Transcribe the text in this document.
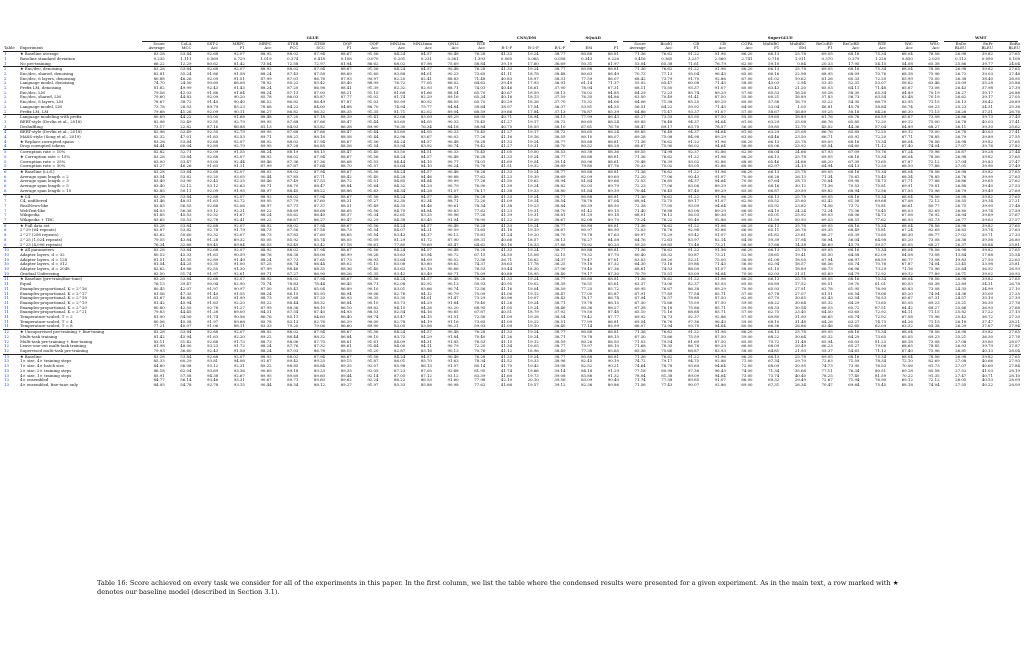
		GLUE													CNN/DM			SQuAD		SuperGLUE												WMT		

		Score	CoLA	SST-2	MRPC	MRPC	STSB	STSB	QQP	QQP	MNLIm	MNLImm	QNLI	RTE						Score	BoolQ	CB	CB	COPA	MultiRC	MultiRC	ReCoRD	ReCoRD	RTE	WiC	WSC	EnDe	EnFr	EnRo
Table	Experiment	Average	MCC	Acc	F1	Acc	PCC	SCC	F1	Acc	Acc	Acc	Acc	Acc	R-1-F	R-2-F	R-L-F	EM	F1	Average	Acc	F1	Acc	Acc	F1	EM	F1	Acc	Acc	Acc	Acc	BLEU	BLEU	BLEU
1	★ Baseline average	83.28	53.84	92.68	92.07	88.92	88.02	87.94	88.67	91.56	84.24	84.57	90.48	76.28	41.33	19.24	38.77	80.88	88.81	71.36	76.62	91.22	91.96	66.20	66.13	25.78	69.05	68.16	75.34	68.04	78.56	26.98	39.82	27.65
1	Baseline standard deviation	0.235	1.111	0.569	0.729	1.019	0.374	0.418	0.108	0.070	0.291	0.231	0.361	1.393	0.065	0.065	0.058	0.343	0.226	0.416	0.365	3.237	2.560	2.741	0.716	1.011	0.370	0.379	1.228	0.850	2.029	0.112	0.090	0.108
1	No pre-training	66.22	12.29	80.62	81.42	73.04	72.58	72.97	81.94	86.62	68.02	67.98	75.69	58.84	39.19	17.60	36.69	50.31	61.97	53.04	65.38	71.61	76.79	62.00	59.10	0.84	20.33	17.95	54.15	54.08	65.38	25.86	39.77	24.04
2	★ Enc/dec, denoising	83.28	53.84	92.68	92.07	88.92	88.02	87.94	88.67	91.56	84.24	84.57	90.48	76.28	41.33	19.24	38.77	80.88	88.81	71.36	76.62	91.22	91.96	66.20	66.13	25.78	69.05	68.16	75.34	68.04	78.56	26.98	39.82	27.65
2	Enc/dec, shared, denoising	82.81	55.24	91.86	91.58	88.24	87.43	87.58	88.69	91.60	83.88	84.01	90.23	73.65	41.11	18.78	38.48	80.63	88.49	70.73	77.13	95.04	96.43	65.00	66.16	22.98	68.95	68.09	70.76	68.18	75.96	26.72	39.03	27.46
2	Enc/dec, 6 layers, denoising	80.88	46.26	92.09	91.51	87.99	87.01	86.76	87.93	90.97	82.20	82.41	88.83	71.48	40.83	18.97	38.31	77.59	86.07	68.42	73.79	91.70	92.86	67.00	61.02	19.62	61.26	60.33	72.20	65.99	75.00	26.38	38.40	26.95
2	Language model, denoising	74.70	24.50	90.60	86.08	78.92	85.22	85.42	85.40	88.99	76.72	77.05	86.02	64.62	39.49	17.93	36.91	61.14	71.37	55.02	65.47	60.08	71.43	58.00	43.03	2.94	53.35	52.31	53.07	58.62	63.46	25.09	35.28	25.86
2	Prefix LM, denoising	81.82	49.99	92.43	91.43	88.24	87.20	86.98	88.41	91.39	82.32	82.93	88.71	74.01	40.46	18.61	37.90	78.94	87.31	68.11	75.50	93.37	91.07	60.00	63.43	21.20	65.03	64.11	71.48	65.67	73.08	26.43	37.98	27.39
2	Enc/dec, LM	79.56	42.03	91.86	91.64	88.24	87.13	87.00	88.21	91.15	81.68	81.66	88.54	65.70	40.67	18.59	38.13	76.02	84.85	64.29	72.23	85.74	89.29	57.00	60.53	16.26	59.28	58.30	65.34	64.89	70.19	26.27	39.17	26.86
2	Enc/dec, shared, LM	79.60	44.83	92.09	90.20	85.78	86.03	85.87	87.77	91.02	81.74	82.29	89.16	65.34	40.16	18.13	37.59	76.35	84.86	63.50	70.49	91.41	87.50	55.00	60.21	16.89	57.83	56.73	63.54	63.48	70.19	26.62	39.17	27.05
2	Enc/dec, 6 layers, LM	78.67	38.72	91.40	90.40	86.52	86.82	86.49	87.87	91.03	80.99	80.92	88.05	65.70	40.29	18.26	37.70	75.32	84.06	64.06	71.38	85.25	89.29	60.00	57.56	16.79	55.22	54.30	66.79	63.95	71.15	26.13	38.42	26.89
2	Language model, LM	73.78	28.53	89.79	85.23	78.68	84.22	84.00	84.88	88.70	74.94	75.77	84.84	58.84	38.97	17.54	36.37	53.81	64.55	56.51	64.22	59.92	71.43	64.00	53.04	1.05	46.81	45.78	58.84	56.74	69.23	25.23	34.31	25.38
2	Prefix LM, LM	79.68	41.26	92.09	90.11	86.27	86.82	86.32	88.35	91.35	81.71	82.02	89.04	68.59	39.66	17.84	37.13	76.87	85.39	64.86	71.47	93.37	91.07	57.00	58.67	16.89	59.25	58.16	64.26	66.30	71.15	26.28	37.51	26.76
3	Language modeling with prefix	80.69	44.22	93.00	91.68	88.48	87.20	87.18	88.39	91.41	82.66	83.09	89.29	68.95	40.71	18.94	38.15	77.99	86.43	65.27	73.55	83.95	87.50	55.00	59.65	18.89	61.76	60.76	68.59	65.67	73.08	26.86	39.73	27.49
3	BERT-style (Devlin et al., 2018)	82.96	52.49	92.55	92.79	89.95	87.68	87.66	88.47	91.44	83.60	84.05	90.33	75.45	41.27	19.17	38.72	80.65	88.24	69.85	76.48	94.37	94.64	61.00	63.29	25.08	66.76	65.85	72.20	69.12	75.00	26.78	40.03	27.41
3	Deshuffling	73.17	22.82	87.16	86.88	81.13	84.03	83.82	86.38	89.90	76.30	76.34	84.18	58.84	40.75	18.59	38.10	67.61	76.76	58.47	69.17	63.70	78.57	56.00	59.85	12.70	45.52	44.36	57.04	64.89	68.27	26.11	39.30	25.62
4	BERT-style (Devlin et al., 2018)	82.96	52.49	92.55	92.79	89.95	87.68	87.66	88.47	91.44	83.60	84.05	90.33	75.45	41.27	19.17	38.72	80.65	88.24	69.85	76.48	94.37	94.64	61.00	63.29	25.08	66.76	65.85	72.20	69.12	75.00	26.78	40.03	27.41
4	MASS-style (Song et al., 2019)	82.32	47.01	91.63	92.53	89.71	88.21	88.18	88.58	91.44	82.96	83.67	90.02	77.26	41.16	19.16	38.55	80.10	88.07	69.28	75.08	84.98	89.29	63.00	64.46	23.50	66.71	65.91	72.20	67.71	78.85	26.79	39.89	27.55
4	★ Replace corrupted spans	83.28	53.84	92.68	92.07	88.92	88.02	87.94	88.67	91.56	84.24	84.57	90.48	76.28	41.33	19.24	38.77	80.88	88.81	71.36	76.62	91.22	91.96	66.20	66.13	25.78	69.05	68.16	75.34	68.04	78.56	26.98	39.82	27.65
4	Drop corrupted tokens	84.44	60.04	92.89	92.79	89.95	87.28	86.85	88.56	91.54	83.94	83.92	90.74	79.42	41.27	19.31	38.70	80.52	88.28	68.67	75.90	96.02	94.64	56.00	65.06	23.92	65.54	64.60	71.12	67.40	74.04	27.07	39.76	27.82
5	Corruption rate = 10%	82.82	52.71	92.09	91.55	88.24	88.19	88.15	88.47	91.40	83.50	84.51	90.33	75.45	41.05	19.00	38.53	80.38	88.36	69.55	74.98	92.37	92.86	62.00	66.04	24.66	67.93	67.09	70.76	67.24	75.96	26.87	39.28	27.44
5	★ Corruption rate = 15%	83.28	53.84	92.68	92.07	88.92	88.02	87.94	88.67	91.56	84.24	84.57	90.48	76.28	41.33	19.24	38.77	80.88	88.81	71.36	76.62	91.22	91.96	66.20	66.13	25.78	69.05	68.16	75.34	68.04	78.56	26.98	39.82	27.65
5	Corruption rate = 25%	83.00	53.47	93.00	92.44	89.46	87.36	87.36	88.68	91.53	84.44	84.15	90.77	74.01	41.69	19.54	39.14	80.96	88.61	70.48	76.39	93.02	92.86	68.00	65.46	24.66	68.20	67.39	73.65	67.87	72.12	27.04	39.83	27.47
5	Corruption rate = 50%	81.27	46.26	91.63	91.11	87.99	87.87	87.64	88.70	91.57	83.64	84.10	90.24	70.76	41.51	19.32	38.89	79.80	87.76	70.33	75.02	93.05	92.86	68.00	62.97	24.13	64.94	64.13	72.20	68.50	77.88	27.01	39.90	27.49
6	★ Baseline (i.i.d.)	83.28	53.84	92.68	92.07	88.92	88.02	87.94	88.67	91.56	84.24	84.57	90.48	76.28	41.33	19.24	38.77	80.88	88.81	71.36	76.62	91.22	91.96	66.20	66.13	25.78	69.05	68.16	75.34	68.04	78.56	26.98	39.82	27.65
6	Average span length = 2	83.54	53.82	92.20	93.05	90.44	87.85	87.71	88.42	91.40	84.28	84.46	90.88	77.62	41.23	19.39	38.69	82.09	89.69	72.20	77.06	90.43	91.07	70.00	66.28	26.13	71.34	70.61	75.45	68.34	78.85	26.76	39.99	27.63
6	Average span length = 3	83.49	53.90	92.43	92.25	89.46	87.49	87.53	88.72	91.51	84.85	84.84	90.99	77.26	41.50	19.62	38.94	81.84	89.66	72.53	76.85	94.37	94.64	70.00	67.64	28.75	70.84	69.90	74.73	67.71	77.88	26.86	39.65	27.62
6	Average span length = 5	83.40	52.12	93.12	92.63	89.71	88.70	88.47	88.84	91.64	84.32	84.29	90.79	76.90	41.39	19.24	38.82	82.05	89.79	72.23	77.06	83.06	89.29	69.00	68.16	30.12	71.36	70.53	75.81	69.91	79.81	26.88	39.40	27.53
6	Average span length = 10	82.85	50.11	92.09	91.95	88.97	88.45	88.22	88.86	91.63	84.34	84.28	91.07	76.17	41.38	19.33	38.80	81.84	89.39	70.44	76.45	87.40	89.29	65.00	66.87	29.59	69.82	68.94	72.56	67.55	75.96	26.79	39.49	27.69
7	★ C4	83.28	53.84	92.68	92.07	88.92	88.02	87.94	88.67	91.56	84.24	84.57	90.48	76.28	41.33	19.24	38.77	80.88	88.81	71.36	76.62	91.22	91.96	66.20	66.13	25.78	69.05	68.16	75.34	68.04	78.56	26.98	39.82	27.65
7	C4, unfiltered	81.46	48.01	91.63	92.72	89.95	87.79	87.60	88.31	91.27	82.30	82.34	88.71	72.20	41.09	19.14	38.54	78.78	87.04	68.04	75.75	89.17	91.07	62.00	65.52	25.60	62.42	61.58	69.68	67.08	72.12	26.55	39.34	27.21
7	RealNews-like	83.83	56.55	92.66	92.06	88.97	87.71	87.37	88.51	91.49	84.35	84.46	90.61	78.34	41.38	19.23	38.84	80.39	88.50	72.38	77.00	93.09	94.64	66.00	65.92	23.82	74.56	73.72	75.81	66.61	80.77	26.75	39.90	27.48
7	WebText-like	84.03	56.38	93.12	92.31	89.22	88.69	88.68	88.65	91.56	84.70	84.84	90.83	77.62	41.23	19.31	38.70	81.42	89.15	71.40	76.88	83.08	89.29	66.00	64.10	24.24	72.24	71.36	75.45	68.03	82.69	26.80	39.74	27.59
7	Wikipedia	81.85	45.53	92.32	91.67	88.24	85.62	86.40	88.37	91.34	82.61	83.25	90.96	77.26	41.39	19.31	38.81	81.29	89.18	68.01	76.12	56.03	80.36	67.00	65.01	25.92	69.03	68.06	74.73	67.08	76.92	26.94	39.69	27.67
7	Wikipedia + TBC	83.65	55.53	92.78	92.41	89.22	86.67	86.27	89.47	92.29	84.38	83.45	91.94	76.90	41.22	19.28	38.67	82.08	89.70	73.24	76.22	95.40	92.86	69.00	51.59	50.93	69.53	68.51	77.62	66.93	81.73	26.77	39.63	27.57
8	★ Full data set	83.28	53.84	92.68	92.07	88.92	88.02	87.94	88.67	91.56	84.24	84.57	90.48	76.28	41.33	19.24	38.77	80.88	88.81	71.36	76.62	91.22	91.96	66.20	66.13	25.78	69.05	68.16	75.34	68.04	78.56	26.98	39.82	27.65
8	2^29 (64 repeats)	82.87	53.82	92.78	91.79	88.73	87.56	87.58	88.73	91.54	84.07	84.21	90.59	73.65	41.18	19.19	38.67	80.97	88.90	72.03	76.76	92.96	92.86	66.00	65.11	26.76	69.35	68.49	75.81	67.24	82.69	26.83	39.74	27.63
8	2^27 (256 repeats)	82.62	50.60	92.32	92.07	88.73	87.83	87.60	88.65	91.54	83.43	84.37	90.12	75.81	41.24	19.20	38.70	79.78	87.63	69.97	75.29	93.42	91.07	63.00	61.82	23.61	66.27	65.39	73.65	66.30	80.77	27.02	39.71	27.33
8	2^25 (1,024 repeats)	79.55	43.84	91.28	89.32	85.05	85.92	85.74	88.05	91.09	81.29	81.72	87.90	69.31	40.66	18.57	38.13	76.27	84.58	64.76	72.63	83.97	82.14	64.00	59.39	17.94	56.94	56.04	64.98	65.20	73.08	26.38	39.56	26.80
8	2^23 (4,096 repeats)	76.34	32.68	89.45	89.84	86.03	83.49	83.42	87.18	90.61	77.80	78.69	85.47	64.62	40.16	18.33	37.66	70.92	80.20	59.29	69.85	73.48	73.21	56.00	57.66	14.38	46.69	45.79	59.57	65.05	68.27	26.37	38.84	25.81
10	★ All parameters	83.28	53.84	92.68	92.07	88.92	88.02	87.94	88.67	91.56	84.24	84.57	90.48	76.28	41.33	19.24	38.77	80.88	88.81	71.36	76.62	91.22	91.96	66.20	66.13	25.78	69.05	68.16	75.34	68.04	78.56	26.98	39.82	27.65
10	Adapter layers, d = 32	80.52	45.33	91.63	90.59	86.76	88.38	88.06	86.99	90.26	83.63	83.94	90.72	67.15	34.50	15.08	32.15	79.32	87.70	60.40	65.32	50.87	73.21	52.00	58.61	19.41	65.50	64.58	62.09	64.58	73.08	13.84	17.88	15.54
10	Adapter layers, d = 128	81.51	45.35	92.89	91.49	88.24	87.73	87.65	87.73	90.93	83.64	84.09	90.52	72.56	36.71	16.62	34.37	79.47	87.61	63.03	69.20	52.21	75.00	56.00	61.08	18.05	67.94	66.97	68.59	66.77	73.08	19.83	27.50	22.63
10	Adapter layers, d = 512	81.54	44.25	93.35	91.00	87.25	88.74	88.44	88.02	91.15	83.08	83.80	89.62	74.37	38.63	17.78	36.25	79.18	87.32	64.30	73.18	59.86	71.43	56.00	62.94	18.57	66.56	65.74	70.76	67.87	74.04	23.45	33.98	25.81
10	Adapter layers, d = 2048	82.62	49.86	92.55	91.30	87.99	88.46	88.35	88.36	91.40	83.63	83.18	90.66	76.53	39.44	18.30	37.06	79.40	87.36	68.61	74.53	88.00	91.07	58.00	61.10	18.89	66.73	66.06	73.29	71.16	75.96	25.64	36.92	26.93
10	Gradual Unfreezing	82.50	51.74	91.97	92.61	89.71	87.27	86.90	88.26	91.35	83.42	83.49	89.71	75.09	40.88	18.95	38.40	79.17	87.30	70.79	75.51	93.09	94.64	70.00	62.03	21.51	65.69	64.79	72.92	69.12	77.89	26.71	39.02	26.93
11	★ Baseline (pre-train/fine-tune)	83.28	53.84	92.68	92.07	88.92	88.02	87.94	88.67	91.56	84.24	84.57	90.48	76.28	41.33	19.24	38.77	80.88	88.81	71.36	76.62	91.22	91.96	66.20	66.13	25.78	69.05	68.16	75.34	68.04	78.56	26.98	39.82	27.65
11	Equal	76.13	39.47	90.94	82.90	75.74	78.83	78.44	86.45	89.71	82.08	82.92	90.13	59.93	40.95	19.02	38.39	76.51	85.61	63.37	73.06	82.37	83.93	65.00	60.89	17.52	60.51	59.70	61.01	60.03	65.38	23.89	34.31	26.78
11	Examples-proportional, K = 2^16	80.45	42.07	91.97	90.97	87.50	85.41	85.04	86.89	90.10	83.01	83.66	90.74	72.56	41.16	19.04	38.59	77.25	85.72	69.95	76.67	86.38	89.29	70.00	65.93	27.91	62.78	61.95	76.90	65.83	73.08	24.35	34.99	27.10
11	Examples-proportional, K = 2^17	81.56	47.35	91.40	91.55	88.24	86.15	85.93	86.94	90.06	82.76	84.12	90.79	75.09	41.06	19.12	38.47	77.00	85.87	67.91	77.89	77.54	85.71	57.00	67.78	27.07	61.51	60.54	79.06	65.20	74.04	24.36	35.00	27.25
11	Examples-proportional, K = 2^18	81.67	46.85	91.63	91.99	88.73	87.68	87.20	86.93	90.35	83.30	84.01	91.47	73.29	40.96	19.07	38.43	78.17	86.74	67.94	76.57	78.88	87.50	62.00	67.70	30.85	63.43	62.54	76.53	65.67	67.31	24.57	35.19	27.39
11	Examples-proportional, K = 2^19	81.42	45.94	91.63	92.20	89.22	88.44	88.32	86.84	90.10	83.73	84.29	91.84	70.40	41.26	19.24	38.71	79.78	88.15	67.30	75.66	75.59	87.50	59.00	68.22	30.64	65.32	64.29	73.65	65.05	69.23	25.21	36.30	27.76
11	Examples-proportional, K = 2^20	80.80	42.55	92.78	91.27	87.99	88.36	88.10	86.10	89.62	84.15	84.26	92.20	68.95	41.05	19.24	38.46	80.36	88.27	67.38	76.18	75.86	85.71	59.00	68.33	30.54	66.53	65.72	67.51	64.42	68.27	25.66	36.93	27.68
11	Examples-proportional, K = 2^21	79.83	44.45	91.28	89.00	84.31	87.54	87.40	84.93	88.53	82.54	84.16	90.85	67.87	40.51	18.79	37.92	79.50	87.48	65.10	71.16	68.88	85.71	57.00	62.75	23.40	64.50	63.65	72.92	64.11	71.15	25.82	37.22	27.13
11	Temperature-scaled, T = 2	81.90	54.00	91.74	90.56	86.76	85.11	84.60	86.40	89.74	83.47	84.15	91.51	72.56	41.09	19.28	38.54	79.42	87.77	69.92	76.73	92.37	92.86	57.00	69.80	31.90	66.65	65.74	72.92	67.08	75.96	25.42	36.72	27.20
11	Temperature-scaled, T = 4	80.56	45.38	91.97	89.68	85.78	83.13	82.76	86.39	90.00	82.78	84.19	91.16	73.65	41.09	19.22	38.51	77.99	86.81	69.54	76.76	97.36	96.43	59.00	68.10	31.48	64.26	63.27	74.73	64.26	71.15	26.18	37.47	28.21
11	Temperature-scaled, T = 8	77.21	40.07	91.06	88.11	83.33	79.20	79.06	86.60	89.90	83.05	83.56	90.21	59.93	41.09	19.10	38.40	77.14	85.99	66.07	73.94	93.70	94.64	60.00	66.36	26.86	63.46	62.60	62.09	63.32	65.38	26.29	37.67	27.94
12	★ Unsupervised pre-training + fine-tuning	83.28	53.84	92.68	92.07	88.92	88.02	87.94	88.67	91.56	84.24	84.57	90.48	76.28	41.33	19.24	38.77	80.88	88.81	71.36	76.62	91.22	91.96	66.20	66.13	25.78	69.05	68.16	75.34	68.04	78.56	26.98	39.82	27.65
12	Multi-task training	81.42	45.94	91.63	92.20	89.22	88.44	88.32	86.84	90.10	83.73	84.29	91.84	70.40	41.26	19.24	38.71	79.78	88.15	67.30	75.66	75.59	87.50	59.00	68.22	30.64	65.32	64.29	73.65	65.05	69.23	25.21	36.30	27.76
12	Multi-task pre-training + fine-tuning	83.11	51.42	92.66	91.73	88.73	88.06	87.70	88.61	91.61	84.09	84.31	91.85	76.53	41.15	19.12	38.59	80.26	88.50	71.03	79.54	81.69	87.50	65.00	70.72	31.48	65.94	65.03	81.23	68.18	73.08	27.08	39.80	28.07
12	Leave-one-out multi-task training	81.98	48.00	93.23	91.72	88.24	87.76	87.32	88.61	91.44	84.00	84.11	90.79	72.20	41.34	19.05	38.77	79.97	88.10	71.68	78.35	86.76	89.29	66.00	68.09	29.49	66.23	65.27	79.06	68.65	78.85	26.93	39.79	27.87
12	Supervised multi-task pre-training	79.93	36.60	92.43	91.58	88.24	87.03	86.78	88.15	91.20	82.87	83.16	90.13	70.76	41.12	18.96	38.49	77.38	85.65	65.36	75.66	68.87	83.93	58.00	64.81	21.93	55.37	54.61	71.12	67.40	75.96	26.81	40.13	28.04
13	★ Baseline	83.28	53.84	92.68	92.07	88.92	88.02	87.94	88.67	91.56	84.24	84.57	90.48	76.28	41.33	19.24	38.77	80.88	88.81	71.36	76.62	91.22	91.96	66.20	66.13	25.78	69.05	68.16	75.34	68.04	78.56	26.98	39.82	27.65
13	1× size, 4× training steps	85.33	60.29	93.81	94.06	91.67	89.42	89.25	89.15	91.87	86.01	85.70	91.63	78.34	41.52	19.33	38.96	82.45	90.19	74.72	79.17	94.75	92.86	71.00	67.34	29.70	72.63	71.59	78.34	72.10	82.69	27.08	40.66	27.93
13	1× size, 4× batch size	84.60	56.08	93.12	92.31	89.22	88.85	88.84	89.35	92.07	85.98	86.13	91.07	80.14	41.70	19.42	39.08	82.52	90.21	74.64	78.78	93.69	94.64	72.00	68.09	30.95	74.73	73.90	76.53	70.06	81.73	27.07	40.60	27.84
13	2× size, 2× training steps	86.18	62.04	93.69	93.36	90.69	89.18	89.23	89.35	92.05	87.23	87.05	92.68	81.95	41.74	19.66	39.14	84.18	91.29	77.18	80.98	97.36	96.43	74.00	71.34	35.68	77.11	76.34	80.51	69.28	85.58	27.52	41.03	28.19
13	4× size, 1× training steps	85.91	57.58	94.38	92.67	89.95	89.60	89.60	89.44	92.14	87.05	87.12	93.12	83.39	41.60	19.73	39.08	83.86	91.32	78.04	81.38	89.09	94.64	73.00	73.74	40.40	78.25	77.40	81.59	70.22	91.35	27.47	40.71	28.10
13	4× ensembled	84.77	56.14	93.46	93.31	90.67	89.71	89.60	89.62	92.24	86.22	86.53	91.60	77.98	42.10	20.10	39.56	83.09	90.40	71.74	77.58	89.85	91.07	66.00	69.32	29.49	72.67	71.94	76.90	69.12	72.12	28.05	40.53	28.09
13	4× ensembled, fine-tune only	84.05	54.78	92.78	93.15	90.44	88.34	88.12	89.27	91.97	85.33	85.88	90.98	77.62	41.66	19.57	39.12	82.36	89.86	71.56	77.43	90.07	92.86	69.00	67.31	26.34	70.47	69.64	75.45	68.18	74.04	27.55	40.22	28.09
Table 16: Score achieved on every task we consider for all of the experiments in this paper. In the first column, we list the table where the condensed results were presented for a given experiment. As in the main text, a row marked with ★ denotes our baseline model (described in Section 3.1).
